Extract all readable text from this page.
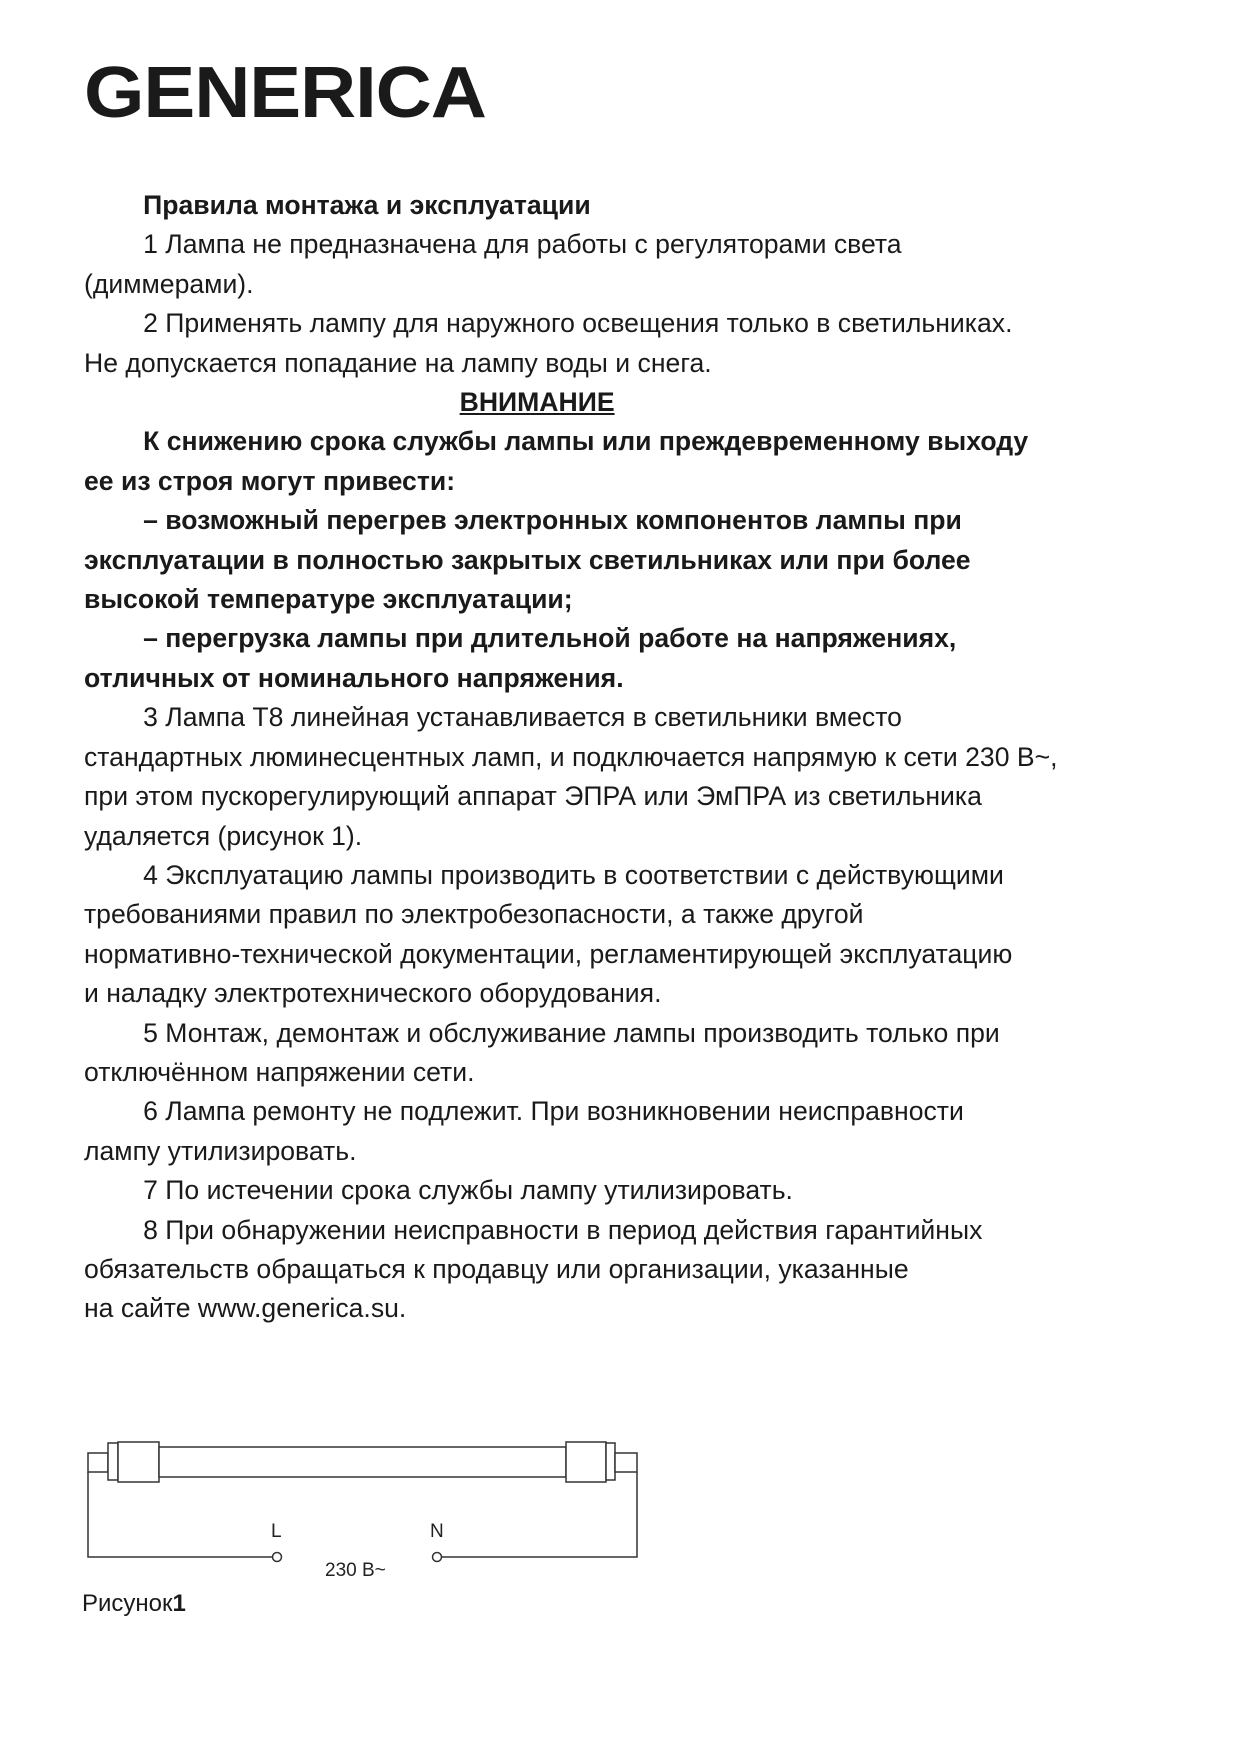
GENERICA
Правила монтажа и эксплуатации
1 Лампа не предназначена для работы с регуляторами света
(диммерами).
2 Применять лампу для наружного освещения только в светильниках.
Не допускается попадание на лампу воды и снега.
ВНИМАНИЕ
К снижению срока службы лампы или преждевременному выходу
ее из строя могут привести:
– возможный перегрев электронных компонентов лампы при
эксплуатации в полностью закрытых светильниках или при более
высокой температуре эксплуатации;
– перегрузка лампы при длительной работе на напряжениях,
отличных от номинального напряжения.
3 Лампа Т8 линейная устанавливается в светильники вместо
стандартных люминесцентных ламп, и подключается напрямую к сети 230 В~,
при этом пускорегулирующий аппарат ЭПРА или ЭмПРА из светильника
удаляется (рисунок 1).
4 Эксплуатацию лампы производить в соответствии с действующими
требованиями правил по электробезопасности, а также другой
нормативно-технической документации, регламентирующей эксплуатацию
и наладку электротехнического оборудования.
5 Монтаж, демонтаж и обслуживание лампы производить только при
отключённом напряжении сети.
6 Лампа ремонту не подлежит. При возникновении неисправности
лампу утилизировать.
7 По истечении срока службы лампу утилизировать.
8 При обнаружении неисправности в период действия гарантийных
обязательств обращаться к продавцу или организации, указанные
на сайте www.generica.su.
L	N
230 В~
Рисунок1
